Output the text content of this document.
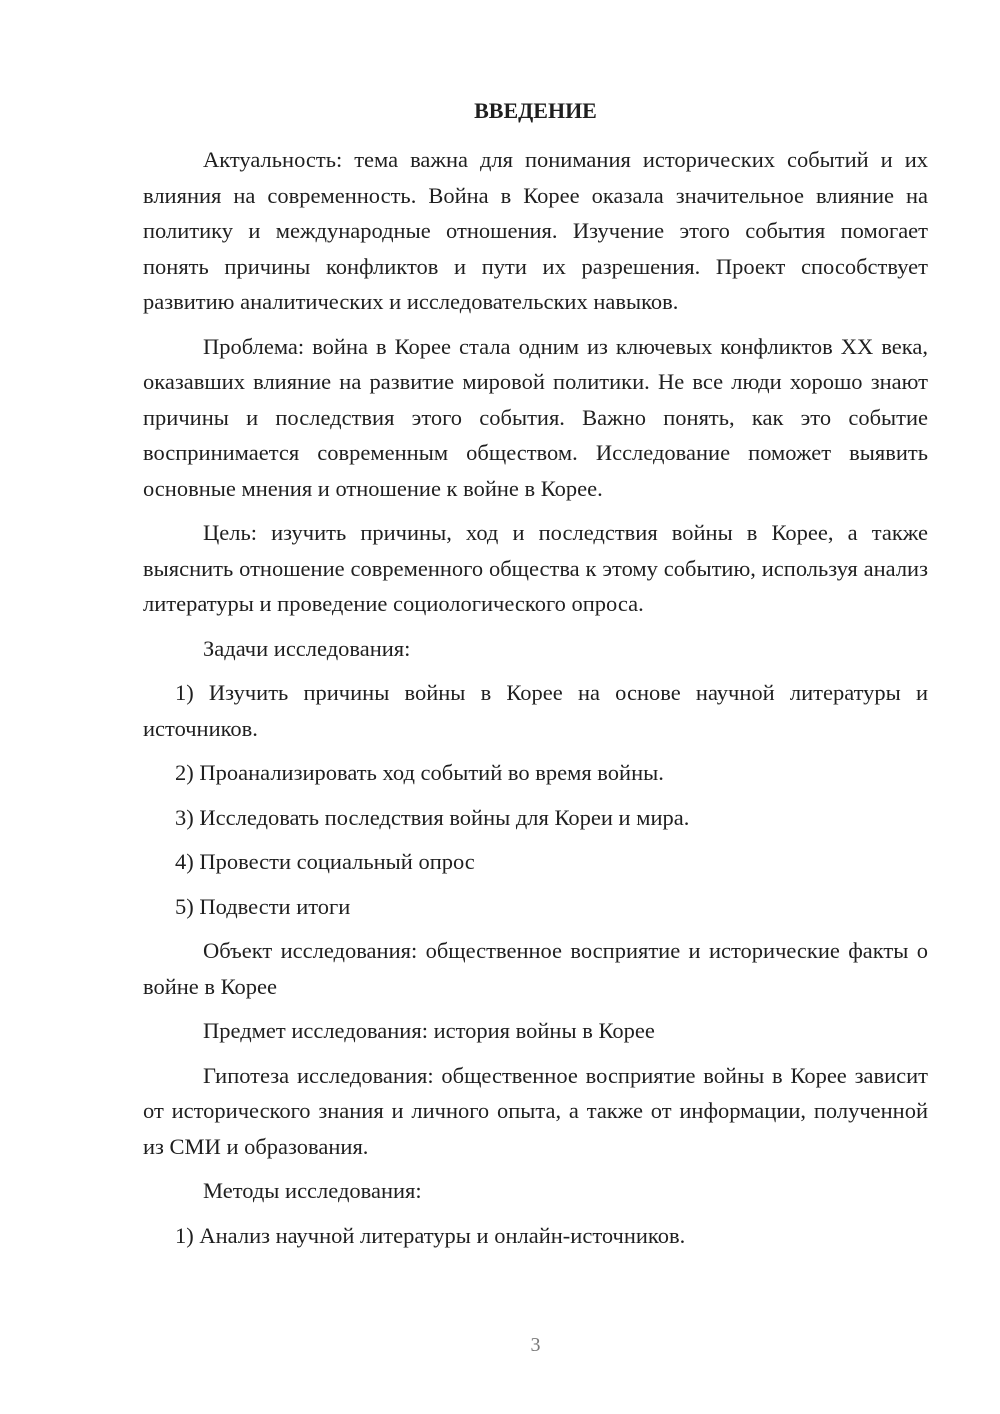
ВВЕДЕНИЕ

Актуальность: тема важна для понимания исторических событий и их влияния на современность. Война в Корее оказала значительное влияние на политику и международные отношения. Изучение этого события помогает понять причины конфликтов и пути их разрешения. Проект способствует развитию аналитических и исследовательских навыков.

Проблема: война в Корее стала одним из ключевых конфликтов XX века, оказавших влияние на развитие мировой политики. Не все люди хорошо знают причины и последствия этого события. Важно понять, как это событие воспринимается современным обществом. Исследование поможет выявить основные мнения и отношение к войне в Корее.

Цель: изучить причины, ход и последствия войны в Корее, а также выяснить отношение современного общества к этому событию, используя анализ литературы и проведение социологического опроса.

Задачи исследования:

1) Изучить причины войны в Корее на основе научной литературы и источников.

2) Проанализировать ход событий во время войны.

3) Исследовать последствия войны для Кореи и мира.

4) Провести социальный опрос

5) Подвести итоги

Объект исследования: общественное восприятие и исторические факты о войне в Корее

Предмет исследования: история войны в Корее

Гипотеза исследования: общественное восприятие войны в Корее зависит от исторического знания и личного опыта, а также от информации, полученной из СМИ и образования.

Методы исследования:

1) Анализ научной литературы и онлайн-источников.

3
